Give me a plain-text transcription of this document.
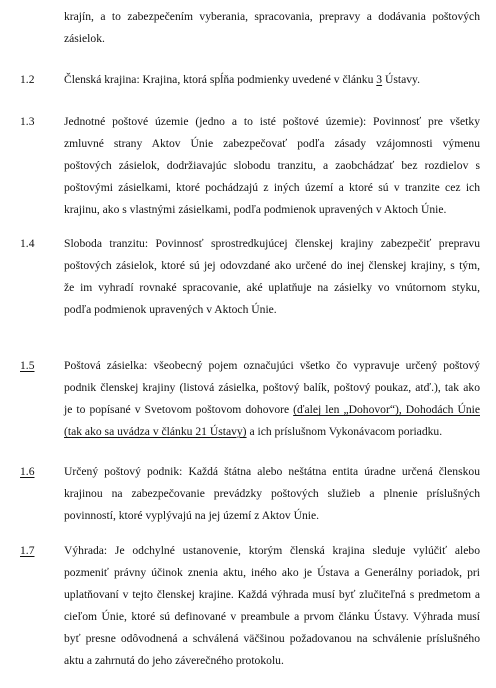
krajín, a to zabezpečením vyberania, spracovania, prepravy a dodávania poštových
zásielok.
1.2	Členská krajina: Krajina, ktorá spĺňa podmienky uvedené v článku 3 Ústavy.
1.3	Jednotné poštové územie (jedno a to isté poštové územie): Povinnosť pre všetky
zmluvné strany Aktov Únie zabezpečovať podľa zásady vzájomnosti výmenu
poštových zásielok, dodržiavajúc slobodu tranzitu, a zaobchádzať bez rozdielov s
poštovými zásielkami, ktoré pochádzajú z iných území a ktoré sú v tranzite cez ich
krajinu, ako s vlastnými zásielkami, podľa podmienok upravených v Aktoch Únie.
1.4	Sloboda tranzitu: Povinnosť sprostredkujúcej členskej krajiny zabezpečiť prepravu
poštových zásielok, ktoré sú jej odovzdané ako určené do inej členskej krajiny, s tým,
že im vyhradí rovnaké spracovanie, aké uplatňuje na zásielky vo vnútornom styku,
podľa podmienok upravených v Aktoch Únie.
1.5	Poštová zásielka: všeobecný pojem označujúci všetko čo vypravuje určený poštový
podnik členskej krajiny (listová zásielka, poštový balík, poštový poukaz, atď.), tak ako
je to popísané v Svetovom poštovom dohovore (ďalej len „Dohovor“), Dohodách Únie
(tak ako sa uvádza v článku 21 Ústavy) a ich príslušnom Vykonávacom poriadku.
1.6	Určený poštový podnik: Každá štátna alebo neštátna entita úradne určená členskou
krajinou na zabezpečovanie prevádzky poštových služieb a plnenie príslušných
povinností, ktoré vyplývajú na jej území z Aktov Únie.
1.7	Výhrada: Je odchylné ustanovenie, ktorým členská krajina sleduje vylúčiť alebo
pozmeniť právny účinok znenia aktu, iného ako je Ústava a Generálny poriadok, pri
uplatňovaní v tejto členskej krajine. Každá výhrada musí byť zlučiteľná s predmetom a
cieľom Únie, ktoré sú definované v preambule a prvom článku Ústavy. Výhrada musí
byť presne odôvodnená a schválená väčšinou požadovanou na schválenie príslušného
aktu a zahrnutá do jeho záverečného protokolu.
